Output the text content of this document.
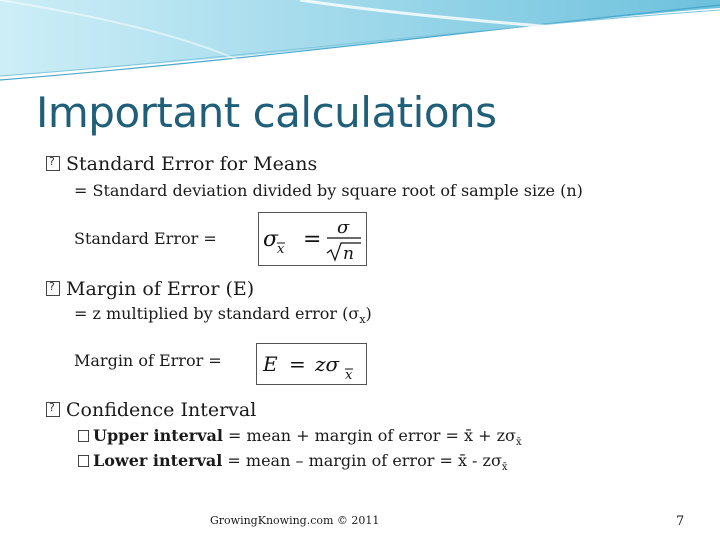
Important calculations
?Standard Error for Means
= Standard deviation divided by square root of sample size (n)
Standard Error = σ
x = σ
n
?Margin of Error (E)
= z multiplied by standard error $(\sigma_x)$
Margin of Error = E = zσ x
?Confidence Interval
Upper interval = mean + margin of error = x̄ + $z\sigma_{x̄}$
Lower interval = mean – margin of error = x̄ - $z\sigma_{x̄}$
GrowingKnowing.com © 2011	7
